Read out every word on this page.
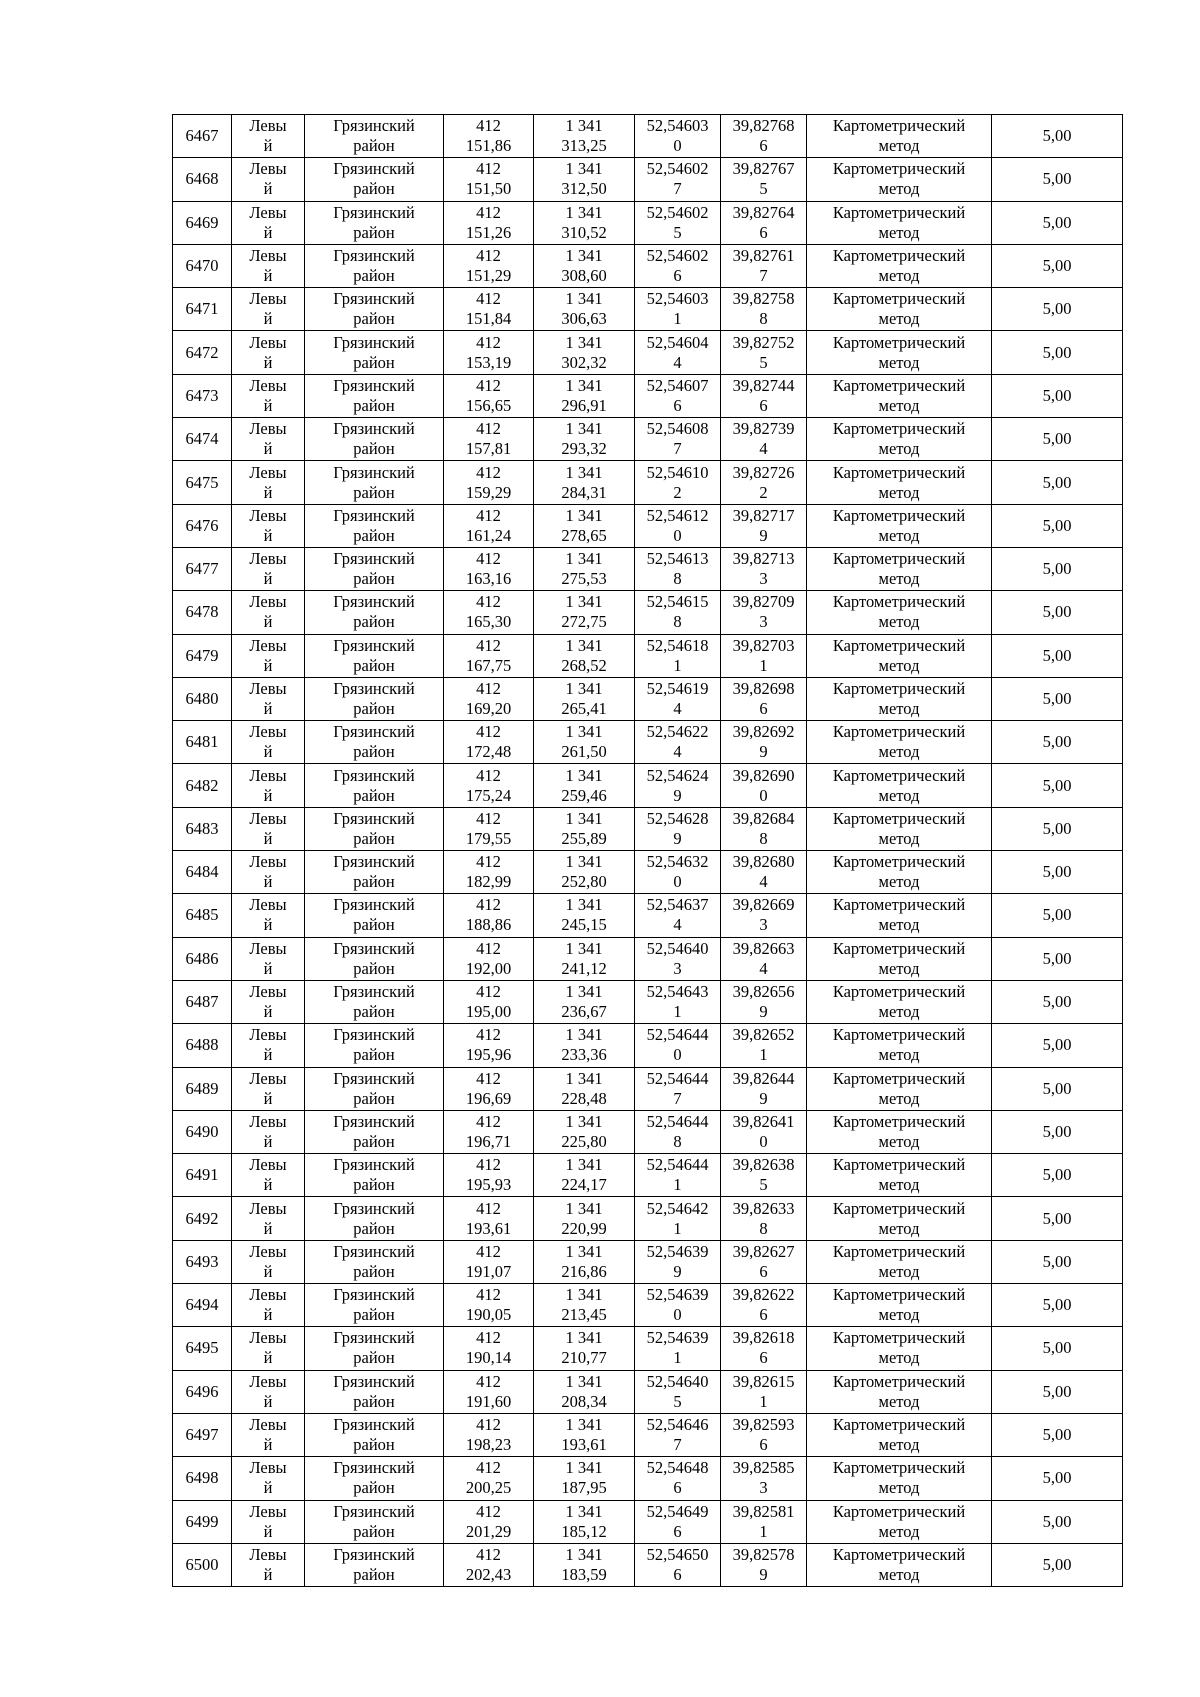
6467	Левый	Грязинский район	412 151,86	1 341 313,25	52,546030	39,827686	Картометрический метод	5,00
6468	Левый	Грязинский район	412 151,50	1 341 312,50	52,546027	39,827675	Картометрический метод	5,00
6469	Левый	Грязинский район	412 151,26	1 341 310,52	52,546025	39,827646	Картометрический метод	5,00
6470	Левый	Грязинский район	412 151,29	1 341 308,60	52,546026	39,827617	Картометрический метод	5,00
6471	Левый	Грязинский район	412 151,84	1 341 306,63	52,546031	39,827588	Картометрический метод	5,00
6472	Левый	Грязинский район	412 153,19	1 341 302,32	52,546044	39,827525	Картометрический метод	5,00
6473	Левый	Грязинский район	412 156,65	1 341 296,91	52,546076	39,827446	Картометрический метод	5,00
6474	Левый	Грязинский район	412 157,81	1 341 293,32	52,546087	39,827394	Картометрический метод	5,00
6475	Левый	Грязинский район	412 159,29	1 341 284,31	52,546102	39,827262	Картометрический метод	5,00
6476	Левый	Грязинский район	412 161,24	1 341 278,65	52,546120	39,827179	Картометрический метод	5,00
6477	Левый	Грязинский район	412 163,16	1 341 275,53	52,546138	39,827133	Картометрический метод	5,00
6478	Левый	Грязинский район	412 165,30	1 341 272,75	52,546158	39,827093	Картометрический метод	5,00
6479	Левый	Грязинский район	412 167,75	1 341 268,52	52,546181	39,827031	Картометрический метод	5,00
6480	Левый	Грязинский район	412 169,20	1 341 265,41	52,546194	39,826986	Картометрический метод	5,00
6481	Левый	Грязинский район	412 172,48	1 341 261,50	52,546224	39,826929	Картометрический метод	5,00
6482	Левый	Грязинский район	412 175,24	1 341 259,46	52,546249	39,826900	Картометрический метод	5,00
6483	Левый	Грязинский район	412 179,55	1 341 255,89	52,546289	39,826848	Картометрический метод	5,00
6484	Левый	Грязинский район	412 182,99	1 341 252,80	52,546320	39,826804	Картометрический метод	5,00
6485	Левый	Грязинский район	412 188,86	1 341 245,15	52,546374	39,826693	Картометрический метод	5,00
6486	Левый	Грязинский район	412 192,00	1 341 241,12	52,546403	39,826634	Картометрический метод	5,00
6487	Левый	Грязинский район	412 195,00	1 341 236,67	52,546431	39,826569	Картометрический метод	5,00
6488	Левый	Грязинский район	412 195,96	1 341 233,36	52,546440	39,826521	Картометрический метод	5,00
6489	Левый	Грязинский район	412 196,69	1 341 228,48	52,546447	39,826449	Картометрический метод	5,00
6490	Левый	Грязинский район	412 196,71	1 341 225,80	52,546448	39,826410	Картометрический метод	5,00
6491	Левый	Грязинский район	412 195,93	1 341 224,17	52,546441	39,826385	Картометрический метод	5,00
6492	Левый	Грязинский район	412 193,61	1 341 220,99	52,546421	39,826338	Картометрический метод	5,00
6493	Левый	Грязинский район	412 191,07	1 341 216,86	52,546399	39,826276	Картометрический метод	5,00
6494	Левый	Грязинский район	412 190,05	1 341 213,45	52,546390	39,826226	Картометрический метод	5,00
6495	Левый	Грязинский район	412 190,14	1 341 210,77	52,546391	39,826186	Картометрический метод	5,00
6496	Левый	Грязинский район	412 191,60	1 341 208,34	52,546405	39,826151	Картометрический метод	5,00
6497	Левый	Грязинский район	412 198,23	1 341 193,61	52,546467	39,825936	Картометрический метод	5,00
6498	Левый	Грязинский район	412 200,25	1 341 187,95	52,546486	39,825853	Картометрический метод	5,00
6499	Левый	Грязинский район	412 201,29	1 341 185,12	52,546496	39,825811	Картометрический метод	5,00
6500	Левый	Грязинский район	412 202,43	1 341 183,59	52,546506	39,825789	Картометрический метод	5,00
